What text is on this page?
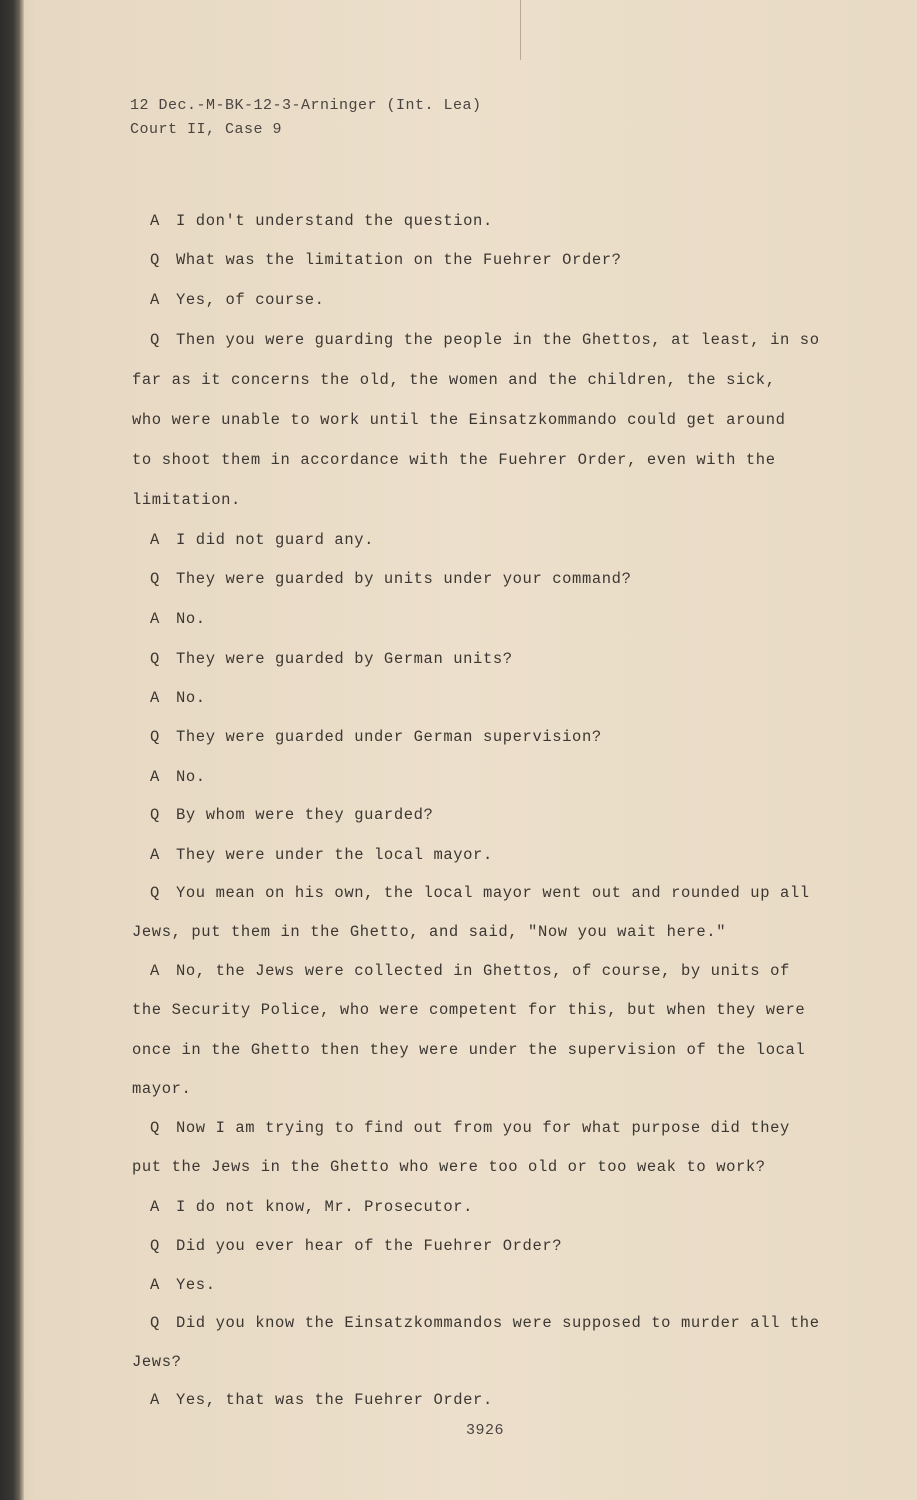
12 Dec.-M-BK-12-3-Arninger (Int. Lea)
Court II, Case 9
A I don't understand the question.
Q What was the limitation on the Fuehrer Order?
A Yes, of course.
Q Then you were guarding the people in the Ghettos, at least, in so
far as it concerns the old, the women and the children, the sick,
who were unable to work until the Einsatzkommando could get around
to shoot them in accordance with the Fuehrer Order, even with the
limitation.
A I did not guard any.
Q They were guarded by units under your command?
A No.
Q They were guarded by German units?
A No.
Q They were guarded under German supervision?
A No.
Q By whom were they guarded?
A They were under the local mayor.
Q You mean on his own, the local mayor went out and rounded up all
Jews, put them in the Ghetto, and said, "Now you wait here."
A No, the Jews were collected in Ghettos, of course, by units of
the Security Police, who were competent for this, but when they were
once in the Ghetto then they were under the supervision of the local
mayor.
Q Now I am trying to find out from you for what purpose did they
put the Jews in the Ghetto who were too old or too weak to work?
A I do not know, Mr. Prosecutor.
Q Did you ever hear of the Fuehrer Order?
A Yes.
Q Did you know the Einsatzkommandos were supposed to murder all the
Jews?
A Yes, that was the Fuehrer Order.
3926
